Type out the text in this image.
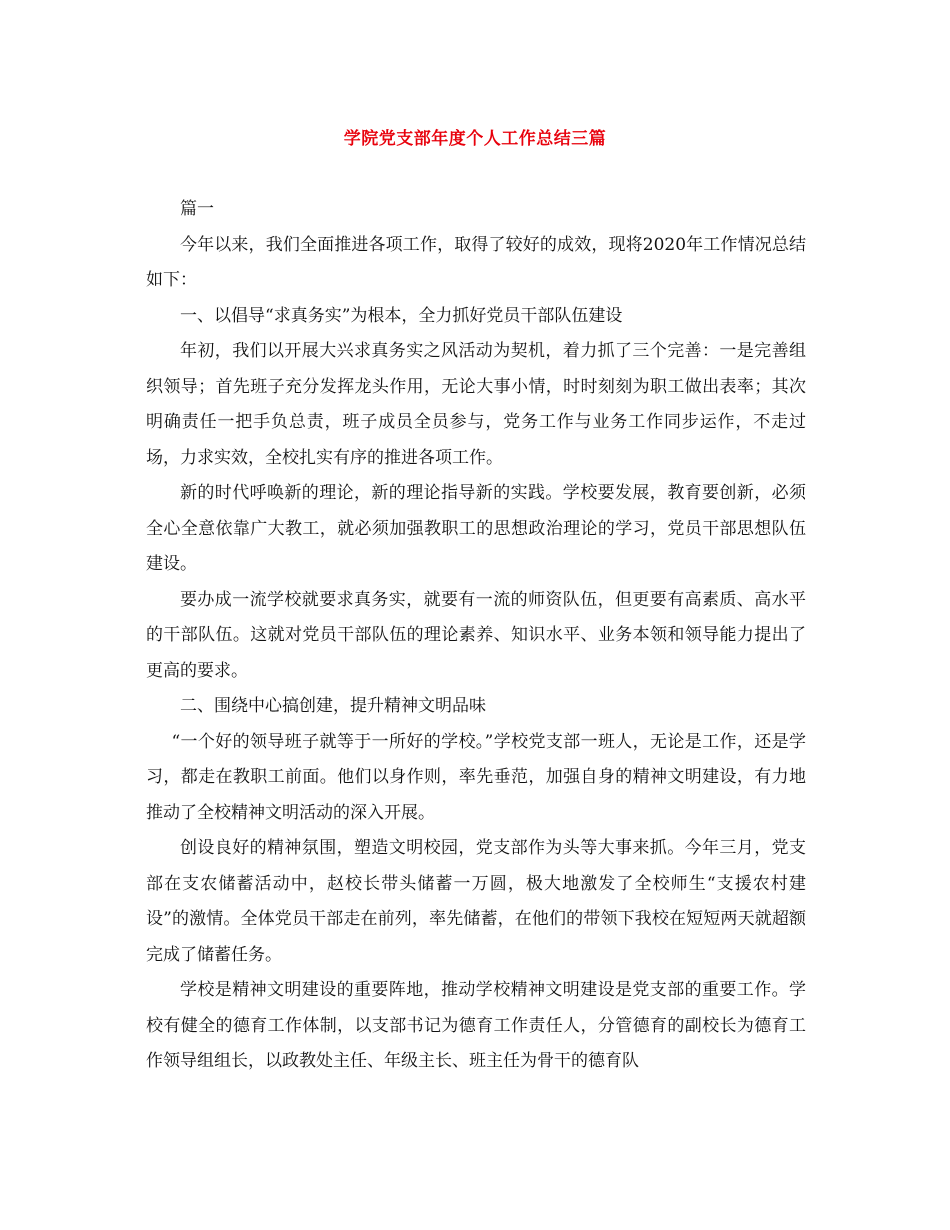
学院党支部年度个人工作总结三篇

篇一

今年以来，我们全面推进各项工作，取得了较好的成效，现将2020年工作情况总结如下：

一、以倡导“求真务实”为根本，全力抓好党员干部队伍建设

年初，我们以开展大兴求真务实之风活动为契机，着力抓了三个完善：一是完善组织领导；首先班子充分发挥龙头作用，无论大事小情，时时刻刻为职工做出表率；其次明确责任一把手负总责，班子成员全员参与，党务工作与业务工作同步运作，不走过场，力求实效，全校扎实有序的推进各项工作。

新的时代呼唤新的理论，新的理论指导新的实践。学校要发展，教育要创新，必须全心全意依靠广大教工，就必须加强教职工的思想政治理论的学习，党员干部思想队伍建设。

要办成一流学校就要求真务实，就要有一流的师资队伍，但更要有高素质、高水平的干部队伍。这就对党员干部队伍的理论素养、知识水平、业务本领和领导能力提出了更高的要求。

二、围绕中心搞创建，提升精神文明品味

“一个好的领导班子就等于一所好的学校。”学校党支部一班人，无论是工作，还是学习，都走在教职工前面。他们以身作则，率先垂范，加强自身的精神文明建设，有力地推动了全校精神文明活动的深入开展。

创设良好的精神氛围，塑造文明校园，党支部作为头等大事来抓。今年三月，党支部在支农储蓄活动中，赵校长带头储蓄一万圆，极大地激发了全校师生“支援农村建设”的激情。全体党员干部走在前列，率先储蓄，在他们的带领下我校在短短两天就超额完成了储蓄任务。

学校是精神文明建设的重要阵地，推动学校精神文明建设是党支部的重要工作。学校有健全的德育工作体制，以支部书记为德育工作责任人，分管德育的副校长为德育工作领导组组长，以政教处主任、年级主长、班主任为骨干的德育队
